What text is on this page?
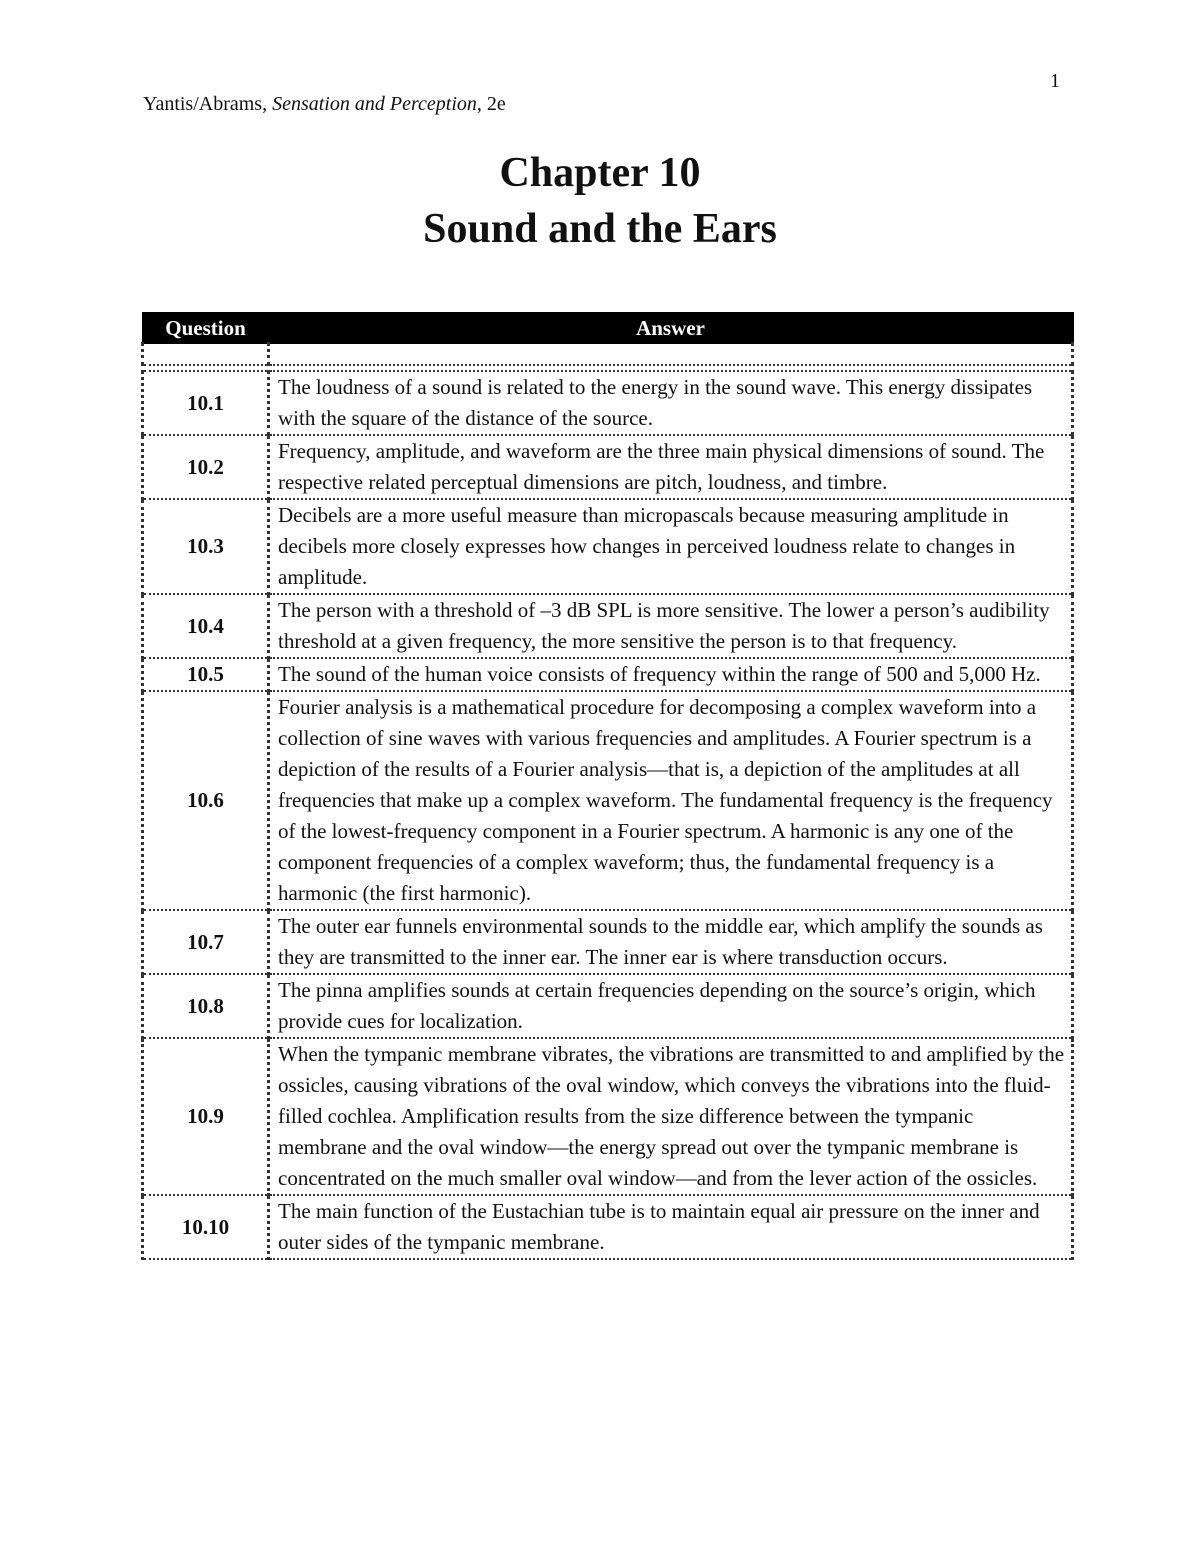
1
Yantis/Abrams, Sensation and Perception, 2e
Chapter 10
Sound and the Ears
Question	Answer

10.1	The loudness of a sound is related to the energy in the sound wave. This energy dissipates with the square of the distance of the source.
10.2	Frequency, amplitude, and waveform are the three main physical dimensions of sound. The respective related perceptual dimensions are pitch, loudness, and timbre.
10.3	Decibels are a more useful measure than micropascals because measuring amplitude in decibels more closely expresses how changes in perceived loudness relate to changes in amplitude.
10.4	The person with a threshold of –3 dB SPL is more sensitive. The lower a person’s audibility threshold at a given frequency, the more sensitive the person is to that frequency.
10.5	The sound of the human voice consists of frequency within the range of 500 and 5,000 Hz.
10.6	Fourier analysis is a mathematical procedure for decomposing a complex waveform into a collection of sine waves with various frequencies and amplitudes. A Fourier spectrum is a depiction of the results of a Fourier analysis—that is, a depiction of the amplitudes at all frequencies that make up a complex waveform. The fundamental frequency is the frequency of the lowest-frequency component in a Fourier spectrum. A harmonic is any one of the component frequencies of a complex waveform; thus, the fundamental frequency is a harmonic (the first harmonic).
10.7	The outer ear funnels environmental sounds to the middle ear, which amplify the sounds as they are transmitted to the inner ear. The inner ear is where transduction occurs.
10.8	The pinna amplifies sounds at certain frequencies depending on the source’s origin, which provide cues for localization.
10.9	When the tympanic membrane vibrates, the vibrations are transmitted to and amplified by the ossicles, causing vibrations of the oval window, which conveys the vibrations into the fluid-filled cochlea. Amplification results from the size difference between the tympanic membrane and the oval window—the energy spread out over the tympanic membrane is concentrated on the much smaller oval window—and from the lever action of the ossicles.
10.10	The main function of the Eustachian tube is to maintain equal air pressure on the inner and outer sides of the tympanic membrane.
